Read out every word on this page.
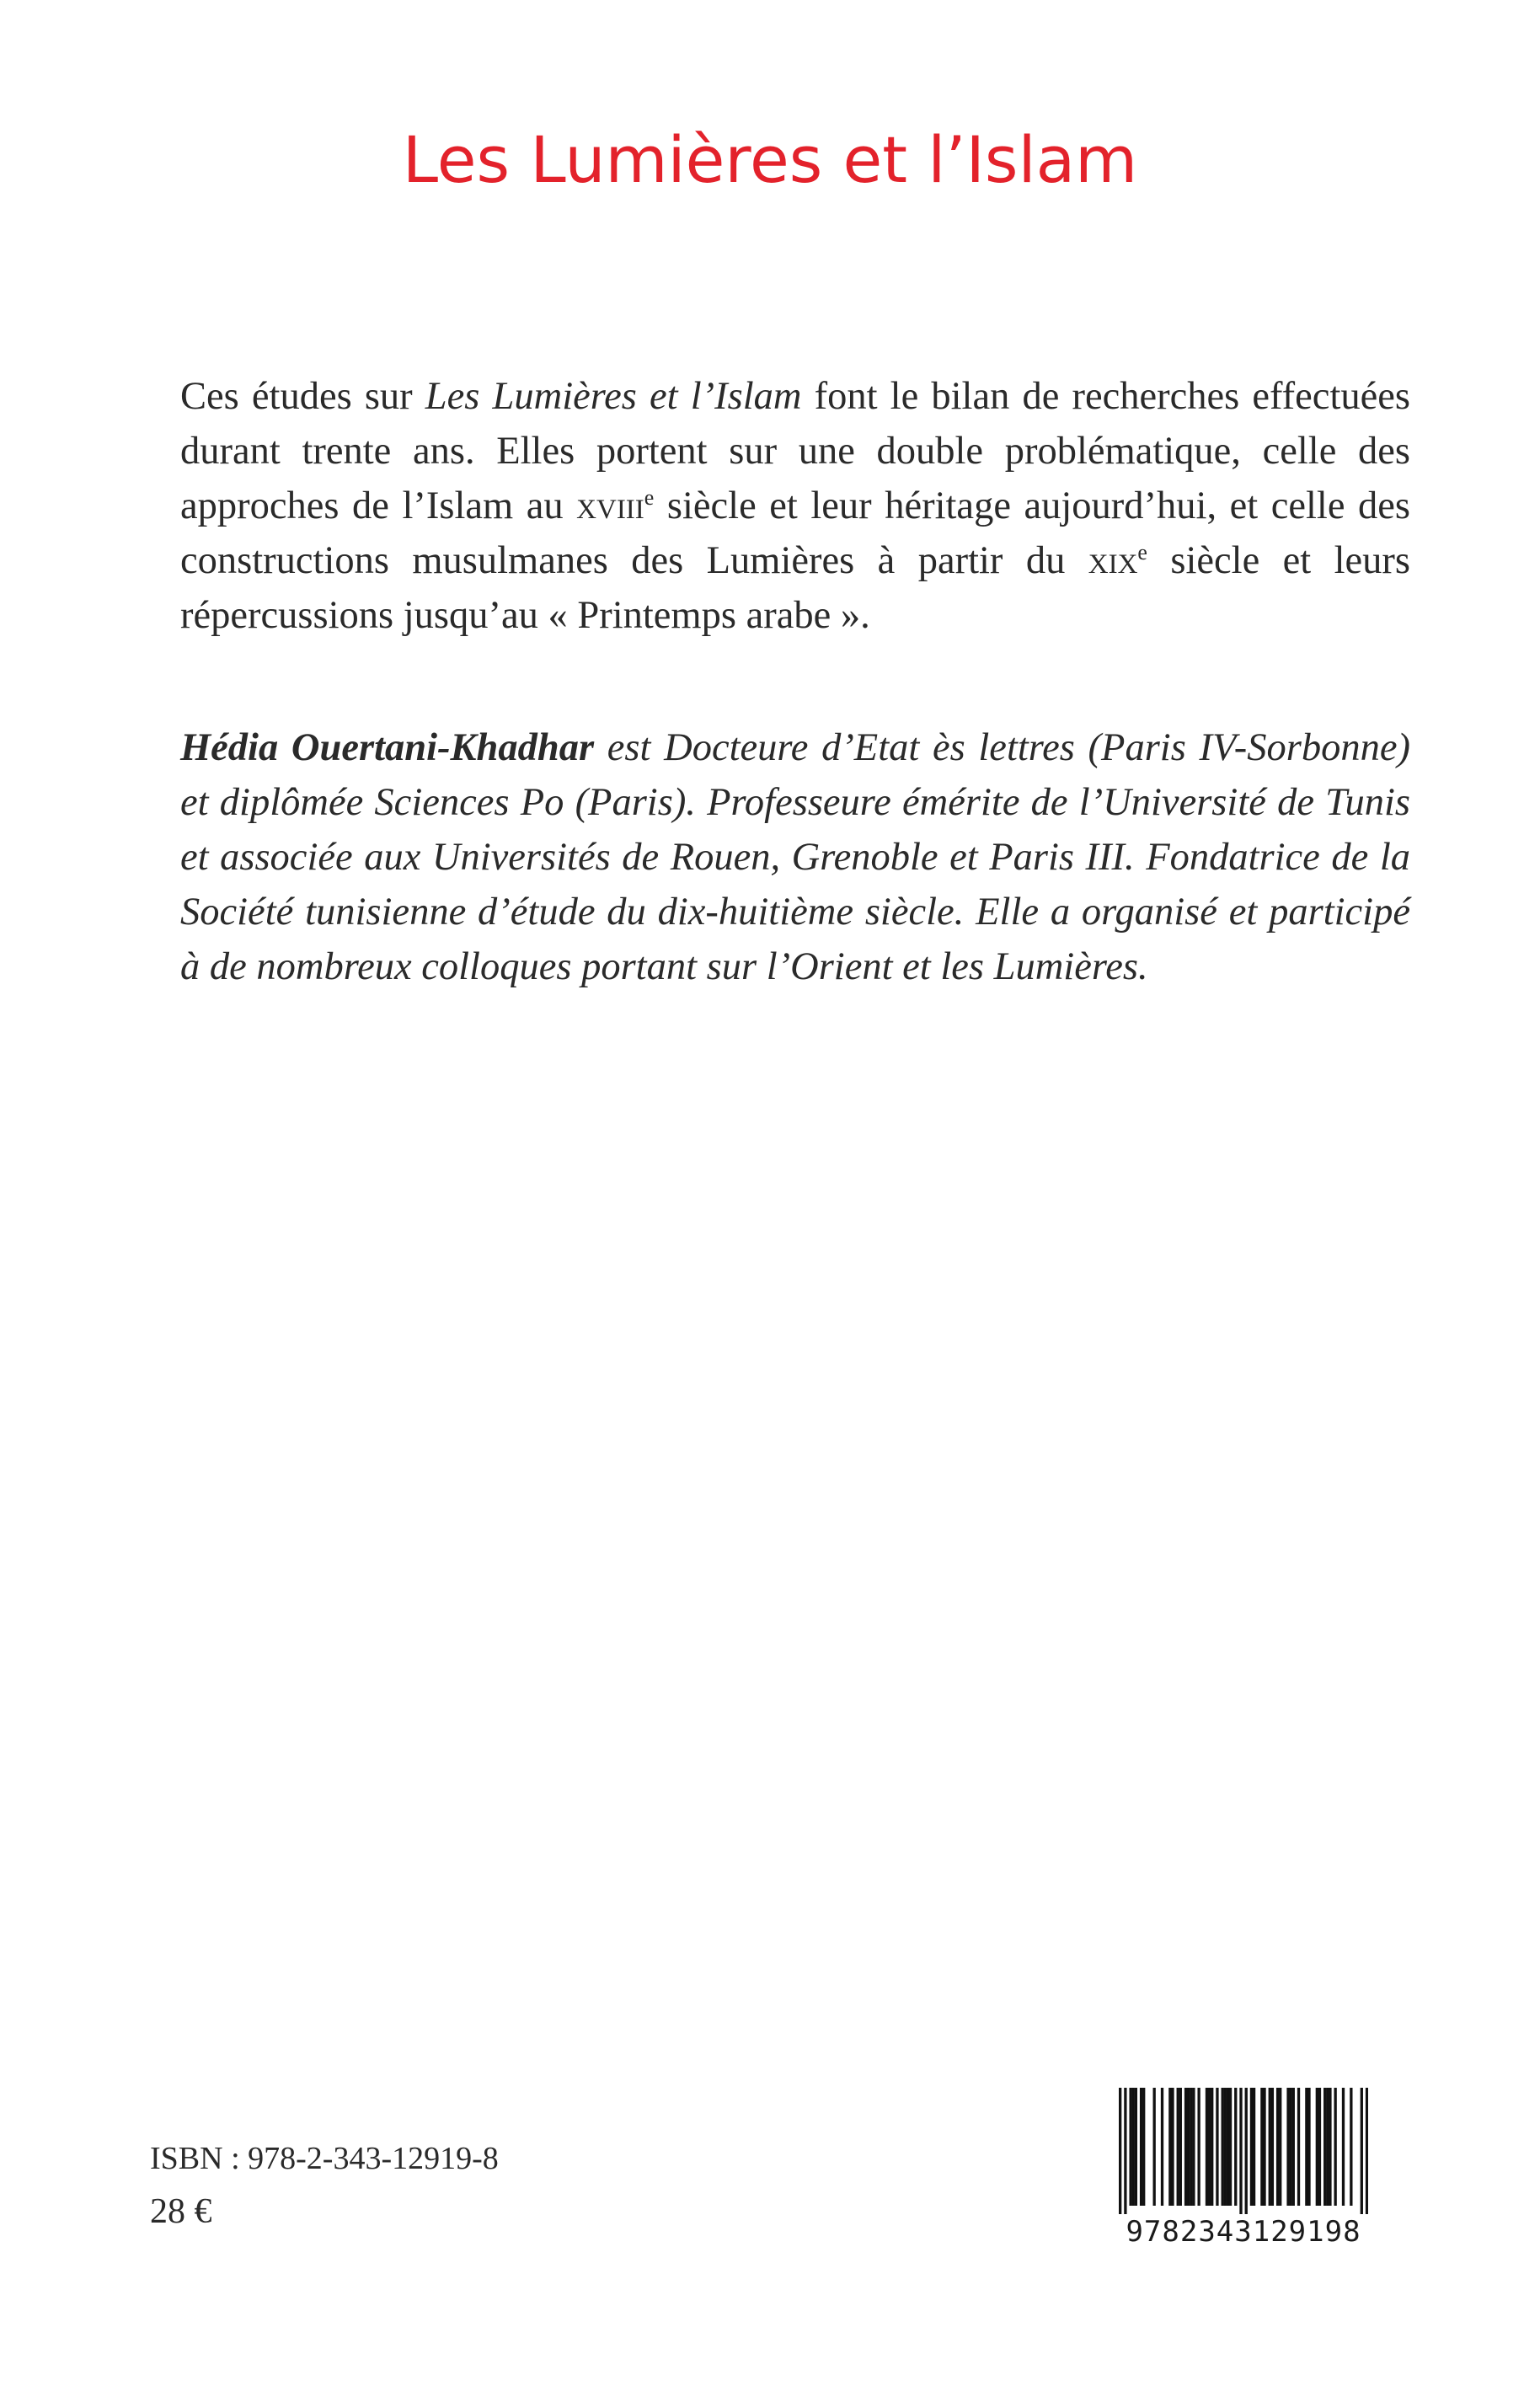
Les Lumières et l’Islam

Ces études sur Les Lumières et l’Islam font le bilan de recherches effectuées durant trente ans. Elles portent sur une double problématique, celle des approches de l’Islam au xviii$^e$ siècle et leur héritage aujourd’hui, et celle des constructions musulmanes des Lumières à partir du xix$^e$ siècle et leurs répercussions jusqu’au « Printemps arabe ».

Hédia Ouertani-Khadhar est Docteure d’Etat ès lettres (Paris IV-Sorbonne) et diplômée Sciences Po (Paris). Professeure émérite de l’Université de Tunis et associée aux Universités de Rouen, Grenoble et Paris III. Fondatrice de la Société tunisienne d’étude du dix-huitième siècle. Elle a organisé et participé à de nombreux colloques portant sur l’Orient et les Lumières.

ISBN : 978-2-343-12919-8
28 €
9782343129198
